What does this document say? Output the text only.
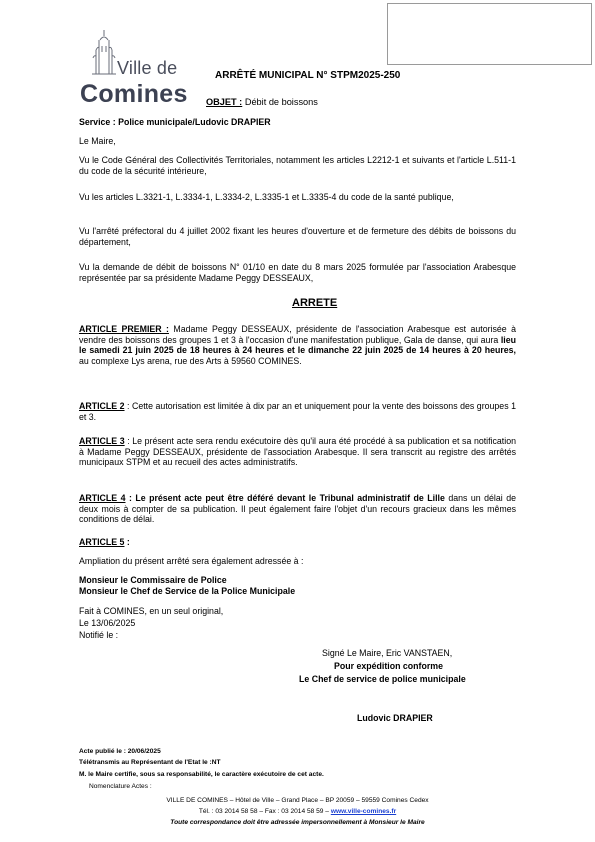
Ville de
Comines
ARRÊTÉ MUNICIPAL N° STPM2025-250
OBJET : Débit de boissons
Service : Police municipale/Ludovic DRAPIER
Le Maire,
Vu le Code Général des Collectivités Territoriales, notamment les articles L2212-1 et suivants et l'article L.511-1 du code de la sécurité intérieure,
Vu les articles L.3321-1, L.3334-1, L.3334-2, L.3335-1 et L.3335-4 du code de la santé publique,
Vu l'arrêté préfectoral du 4 juillet 2002 fixant les heures d'ouverture et de fermeture des débits de boissons du département,
Vu la demande de débit de boissons N° 01/10 en date du 8 mars 2025 formulée par l'association Arabesque représentée par sa présidente Madame Peggy DESSEAUX,
ARRETE
ARTICLE PREMIER : Madame Peggy DESSEAUX, présidente de l'association Arabesque est autorisée à vendre des boissons des groupes 1 et 3 à l'occasion d'une manifestation publique, Gala de danse, qui aura lieu le samedi 21 juin 2025 de 18 heures à 24 heures et le dimanche 22 juin 2025 de 14 heures à 20 heures, au complexe Lys arena, rue des Arts à 59560 COMINES.
ARTICLE 2 : Cette autorisation est limitée à dix par an et uniquement pour la vente des boissons des groupes 1 et 3.
ARTICLE 3 : Le présent acte sera rendu exécutoire dès qu'il aura été procédé à sa publication et sa notification à Madame Peggy DESSEAUX, présidente de l'association Arabesque. Il sera transcrit au registre des arrêtés municipaux STPM et au recueil des actes administratifs.
ARTICLE 4 : Le présent acte peut être déféré devant le Tribunal administratif de Lille dans un délai de deux mois à compter de sa publication. Il peut également faire l'objet d'un recours gracieux dans les mêmes conditions de délai.
ARTICLE 5 :
Ampliation du présent arrêté sera également adressée à :
Monsieur le Commissaire de Police
Monsieur le Chef de Service de la Police Municipale
Fait à COMINES, en un seul original,
Le 13/06/2025
Notifié le :
Signé Le Maire, Eric VANSTAEN,
Pour expédition conforme
Le Chef de service de police municipale
Ludovic DRAPIER
Acte publié le : 20/06/2025
Télétransmis au Représentant de l'Etat le :NT
M. le Maire certifie, sous sa responsabilité, le caractère exécutoire de cet acte.
Nomenclature Actes :
VILLE DE COMINES – Hôtel de Ville – Grand Place – BP 20059 – 59559 Comines Cedex
Tél. : 03 2014 58 58 – Fax : 03 2014 58 59 – www.ville-comines.fr
Toute correspondance doit être adressée impersonnellement à Monsieur le Maire
